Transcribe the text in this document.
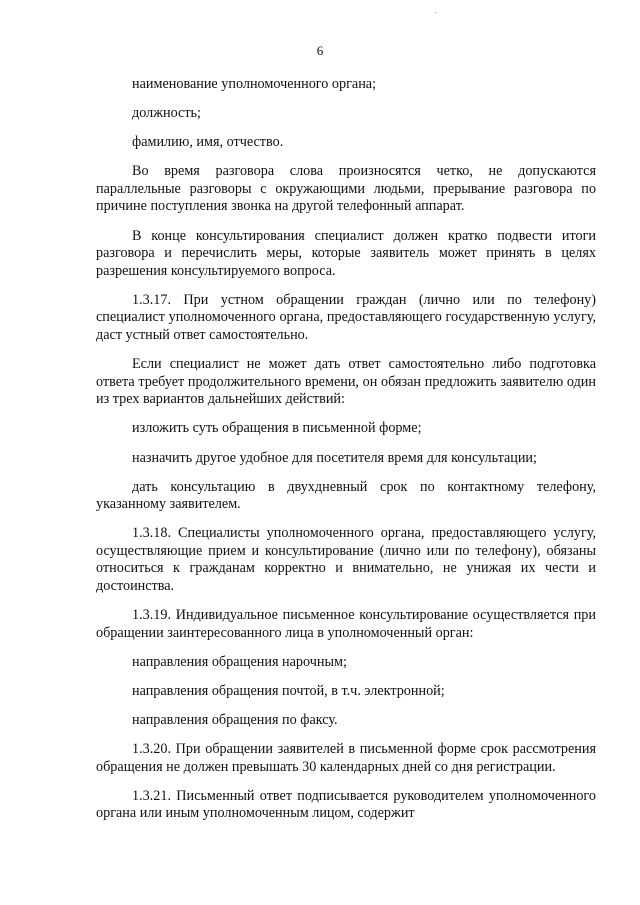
6

наименование уполномоченного органа;

должность;

фамилию, имя, отчество.

Во время разговора слова произносятся четко, не допускаются параллельные разговоры с окружающими людьми, прерывание разговора по причине поступления звонка на другой телефонный аппарат.

В конце консультирования специалист должен кратко подвести итоги разговора и перечислить меры, которые заявитель может принять в целях разрешения консультируемого вопроса.

1.3.17. При устном обращении граждан (лично или по телефону) специалист уполномоченного органа, предоставляющего государственную услугу, даст устный ответ самостоятельно.

Если специалист не может дать ответ самостоятельно либо подготовка ответа требует продолжительного времени, он обязан предложить заявителю один из трех вариантов дальнейших действий:

изложить суть обращения в письменной форме;

назначить другое удобное для посетителя время для консультации;

дать консультацию в двухдневный срок по контактному телефону, указанному заявителем.

1.3.18. Специалисты уполномоченного органа, предоставляющего услугу, осуществляющие прием и консультирование (лично или по телефону), обязаны относиться к гражданам корректно и внимательно, не унижая их чести и достоинства.

1.3.19. Индивидуальное письменное консультирование осуществляется при обращении заинтересованного лица в уполномоченный орган:

направления обращения нарочным;

направления обращения почтой, в т.ч. электронной;

направления обращения по факсу.

1.3.20. При обращении заявителей в письменной форме срок рассмотрения обращения не должен превышать 30 календарных дней со дня регистрации.

1.3.21. Письменный ответ подписывается руководителем уполномоченного органа или иным уполномоченным лицом, содержит
